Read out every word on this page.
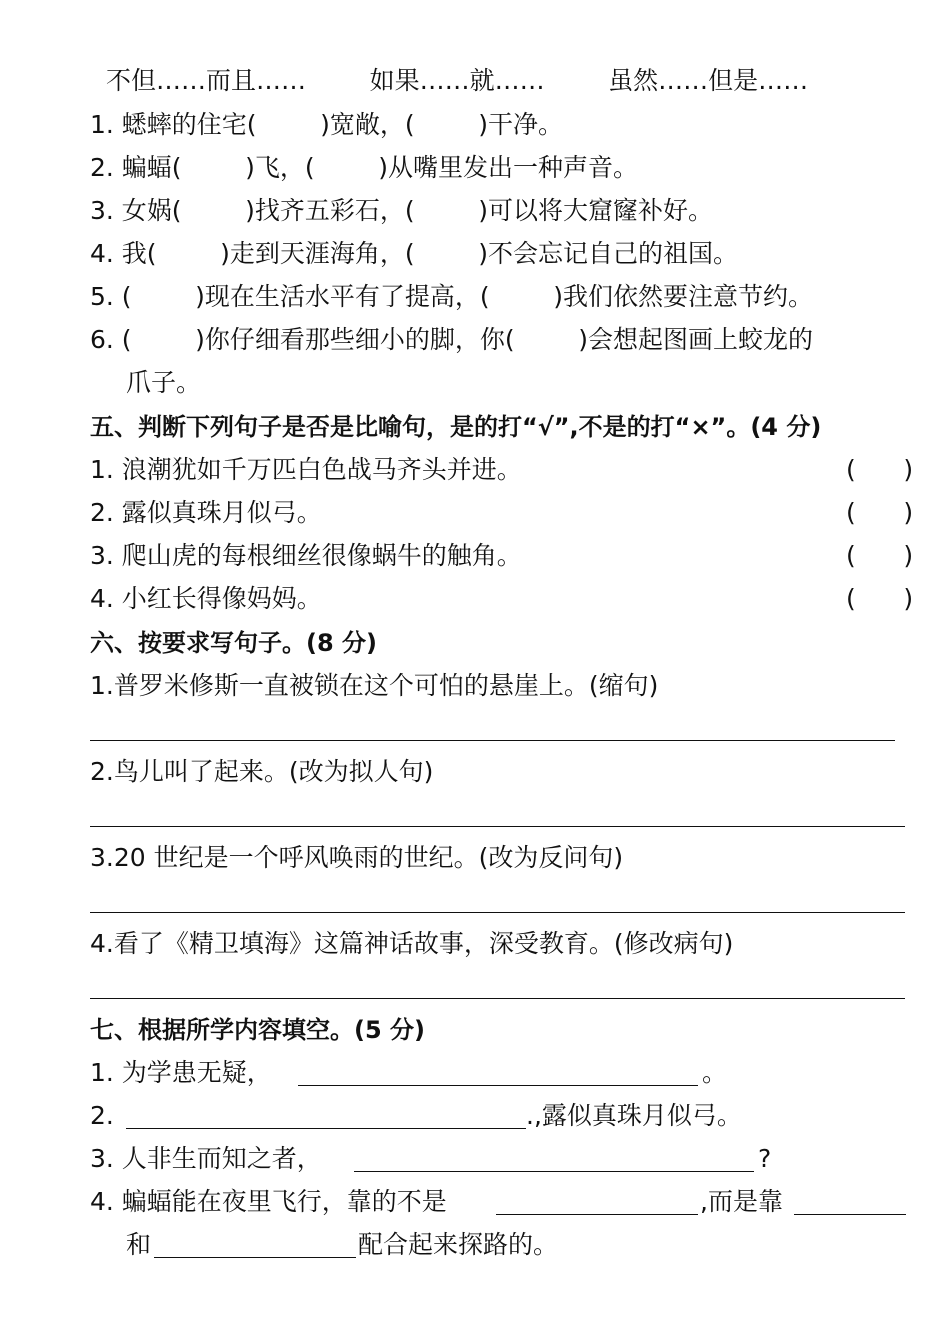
不但……而且……        如果……就……        虽然……但是……
1. 蟋蟀的住宅(        )宽敞，(        )干净。
2. 蝙蝠(        )飞，(        )从嘴里发出一种声音。
3. 女娲(        )找齐五彩石，(        )可以将大窟窿补好。
4. 我(        )走到天涯海角，(        )不会忘记自己的祖国。
5. (        )现在生活水平有了提高，(        )我们依然要注意节约。
6. (        )你仔细看那些细小的脚，你(        )会想起图画上蛟龙的
爪子。
五、判断下列句子是否是比喻句，是的打“√”,不是的打“×”。(4 分)
1. 浪潮犹如千万匹白色战马齐头并进。	(      )
2. 露似真珠月似弓。	(      )
3. 爬山虎的每根细丝很像蜗牛的触角。	(      )
4. 小红长得像妈妈。	(      )
六、按要求写句子。(8 分)
1.普罗米修斯一直被锁在这个可怕的悬崖上。(缩句)
2.鸟儿叫了起来。(改为拟人句)
3.20 世纪是一个呼风唤雨的世纪。(改为反问句)
4.看了《精卫填海》这篇神话故事，深受教育。(修改病句)
七、根据所学内容填空。(5 分)
1. 为学患无疑，	。
2.	.,露似真珠月似弓。
3. 人非生而知之者，	?
4. 蝙蝠能在夜里飞行，靠的不是	,而是靠
和	配合起来探路的。
